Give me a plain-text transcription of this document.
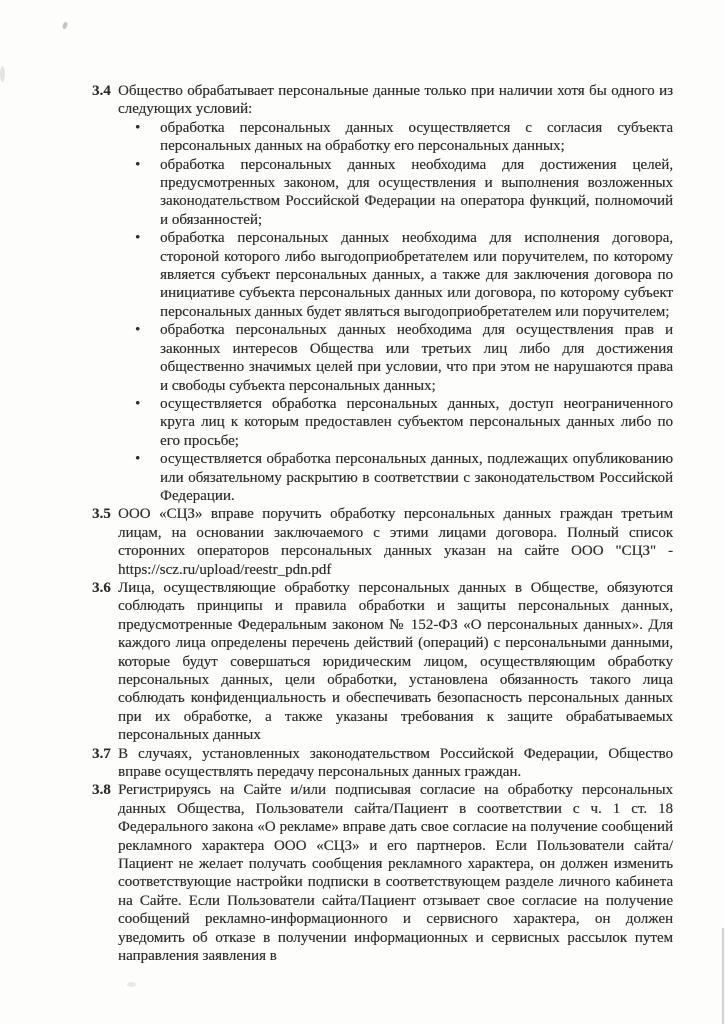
3.4 Общество обрабатывает персональные данные только при наличии хотя бы одного из следующих условий:

•	обработка персональных данных осуществляется с согласия субъекта персональных данных на обработку его персональных данных;

•	обработка персональных данных необходима для достижения целей, предусмотренных законом, для осуществления и выполнения возложенных законодательством Российской Федерации на оператора функций, полномочий и обязанностей;

•	обработка персональных данных необходима для исполнения договора, стороной которого либо выгодоприобретателем или поручителем, по которому является субъект персональных данных, а также для заключения договора по инициативе субъекта персональных данных или договора, по которому субъект персональных данных будет являться выгодоприобретателем или поручителем;

•	обработка персональных данных необходима для осуществления прав и законных интересов Общества или третьих лиц либо для достижения общественно значимых целей при условии, что при этом не нарушаются права и свободы субъекта персональных данных;

•	осуществляется обработка персональных данных, доступ неограниченного круга лиц к которым предоставлен субъектом персональных данных либо по его просьбе;

•	осуществляется обработка персональных данных, подлежащих опубликованию или обязательному раскрытию в соответствии с законодательством Российской Федерации.

3.5 ООО «СЦЗ» вправе поручить обработку персональных данных граждан третьим лицам, на основании заключаемого с этими лицами договора. Полный список сторонних операторов персональных данных указан на сайте ООО "СЦЗ" - https://scz.ru/upload/reestr_pdn.pdf

3.6 Лица, осуществляющие обработку персональных данных в Обществе, обязуются соблюдать принципы и правила обработки и защиты персональных данных, предусмотренные Федеральным законом № 152-ФЗ «О персональных данных». Для каждого лица определены перечень действий (операций) с персональными данными, которые будут совершаться юридическим лицом, осуществляющим обработку персональных данных, цели обработки, установлена обязанность такого лица соблюдать конфиденциальность и обеспечивать безопасность персональных данных при их обработке, а также указаны требования к защите обрабатываемых персональных данных

3.7 В случаях, установленных законодательством Российской Федерации, Общество вправе осуществлять передачу персональных данных граждан.

3.8 Регистрируясь на Сайте и/или подписывая согласие на обработку персональных данных Общества, Пользователи сайта/Пациент в соответствии с ч. 1 ст. 18 Федерального закона «О рекламе» вправе дать свое согласие на получение сообщений рекламного характера ООО «СЦЗ» и его партнеров. Если Пользователи сайта/Пациент не желает получать сообщения рекламного характера, он должен изменить соответствующие настройки подписки в соответствующем разделе личного кабинета на Сайте. Если Пользователи сайта/Пациент отзывает свое согласие на получение сообщений рекламно-информационного и сервисного характера, он должен уведомить об отказе в получении информационных и сервисных рассылок путем направления заявления в
